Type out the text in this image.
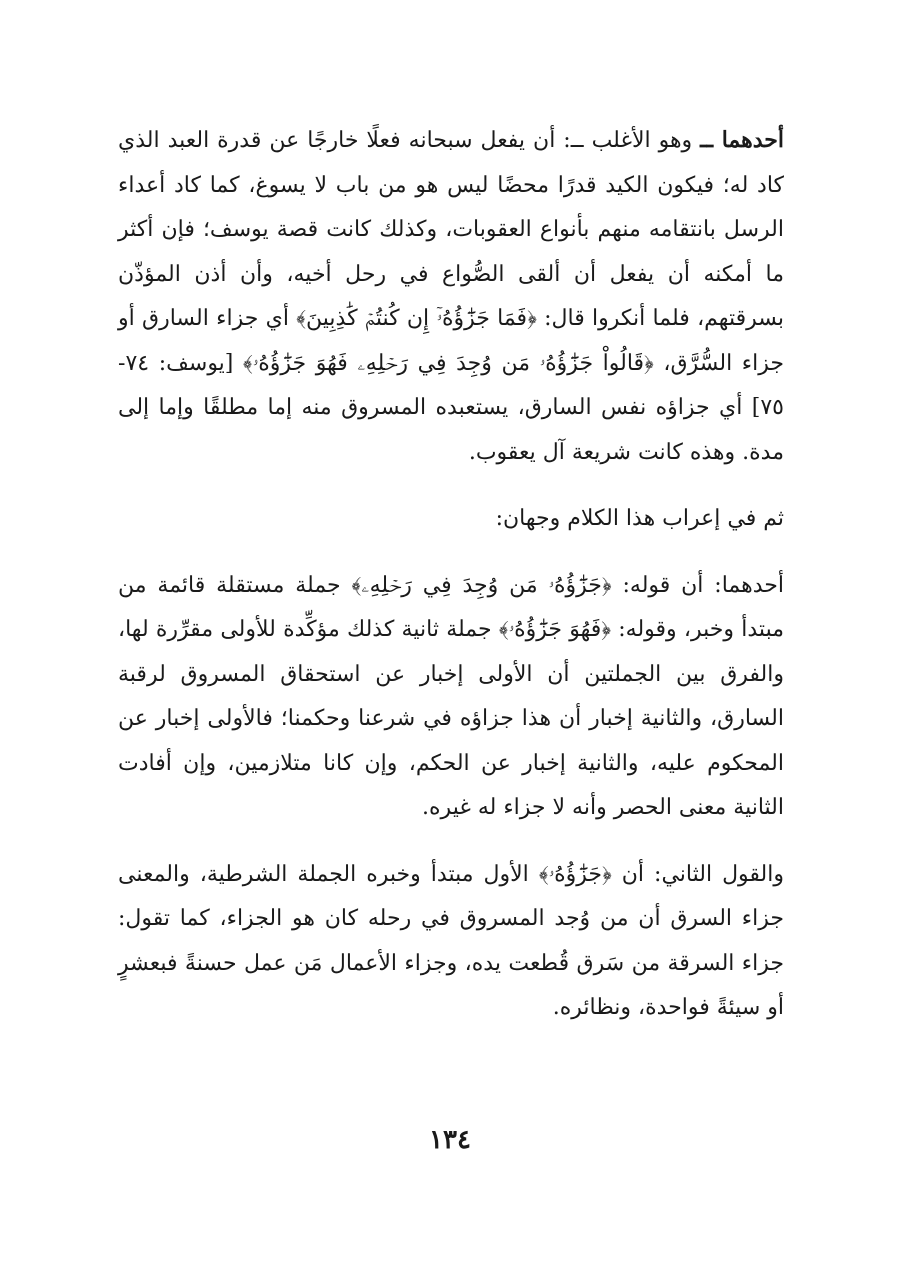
أحدهما ــ وهو الأغلب ــ: أن يفعل سبحانه فعلًا خارجًا عن قدرة العبد الذي كاد له؛ فيكون الكيد قدرًا محضًا ليس هو من باب لا يسوغ، كما كاد أعداء الرسل بانتقامه منهم بأنواع العقوبات، وكذلك كانت قصة يوسف؛ فإن أكثر ما أمكنه أن يفعل أن ألقى الصُّواع في رحل أخيه، وأن أذن المؤذّن بسرقتهم، فلما أنكروا قال: ﴿فَمَا جَزَٰٓؤُهُۥٓ إِن كُنتُمۡ كَٰذِبِينَ﴾ أي جزاء السارق أو جزاء السُّرَّق، ﴿قَالُواْ جَزَٰٓؤُهُۥ مَن وُجِدَ فِي رَحۡلِهِۦ فَهُوَ جَزَٰٓؤُهُۥ﴾ [يوسف: ٧٤- ٧٥] أي جزاؤه نفس السارق، يستعبده المسروق منه إما مطلقًا وإما إلى مدة. وهذه كانت شريعة آل يعقوب.

ثم في إعراب هذا الكلام وجهان:

أحدهما: أن قوله: ﴿جَزَٰٓؤُهُۥ مَن وُجِدَ فِي رَحۡلِهِۦ﴾ جملة مستقلة قائمة من مبتدأ وخبر، وقوله: ﴿فَهُوَ جَزَٰٓؤُهُۥ﴾ جملة ثانية كذلك مؤكِّدة للأولى مقرِّرة لها، والفرق بين الجملتين أن الأولى إخبار عن استحقاق المسروق لرقبة السارق، والثانية إخبار أن هذا جزاؤه في شرعنا وحكمنا؛ فالأولى إخبار عن المحكوم عليه، والثانية إخبار عن الحكم، وإن كانا متلازمين، وإن أفادت الثانية معنى الحصر وأنه لا جزاء له غيره.

والقول الثاني: أن ﴿جَزَٰٓؤُهُۥ﴾ الأول مبتدأ وخبره الجملة الشرطية، والمعنى جزاء السرق أن من وُجد المسروق في رحله كان هو الجزاء، كما تقول: جزاء السرقة من سَرق قُطعت يده، وجزاء الأعمال مَن عمل حسنةً فبعشرٍ أو سيئةً فواحدة، ونظائره.

١٣٤
